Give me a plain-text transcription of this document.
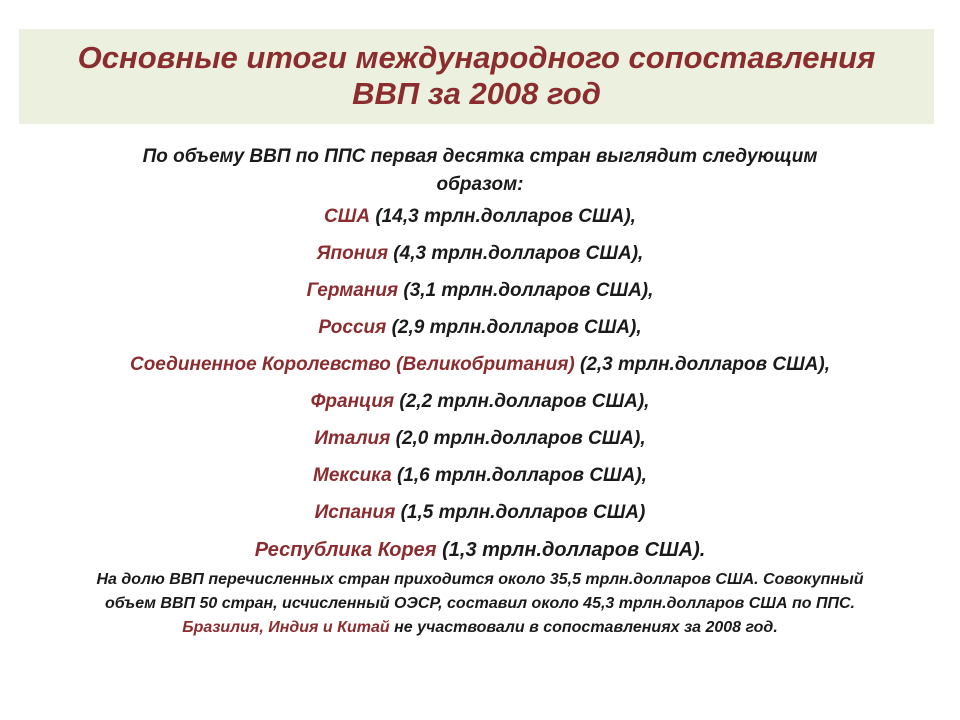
Основные итоги международного сопоставления
ВВП за 2008 год
По объему ВВП по ППС первая десятка стран выглядит следующим
образом:
США (14,3 трлн.долларов США),
Япония (4,3 трлн.долларов США),
Германия (3,1 трлн.долларов США),
Россия (2,9 трлн.долларов США),
Соединенное Королевство (Великобритания) (2,3 трлн.долларов США),
Франция (2,2 трлн.долларов США),
Италия (2,0 трлн.долларов США),
Мексика (1,6 трлн.долларов США),
Испания (1,5 трлн.долларов США)
Республика Корея (1,3 трлн.долларов США).
На долю ВВП перечисленных стран приходится около 35,5 трлн.долларов США. Совокупный
объем ВВП 50 стран, исчисленный ОЭСР, составил около 45,3 трлн.долларов США по ППС.
Бразилия, Индия и Китай не участвовали в сопоставлениях за 2008 год.
